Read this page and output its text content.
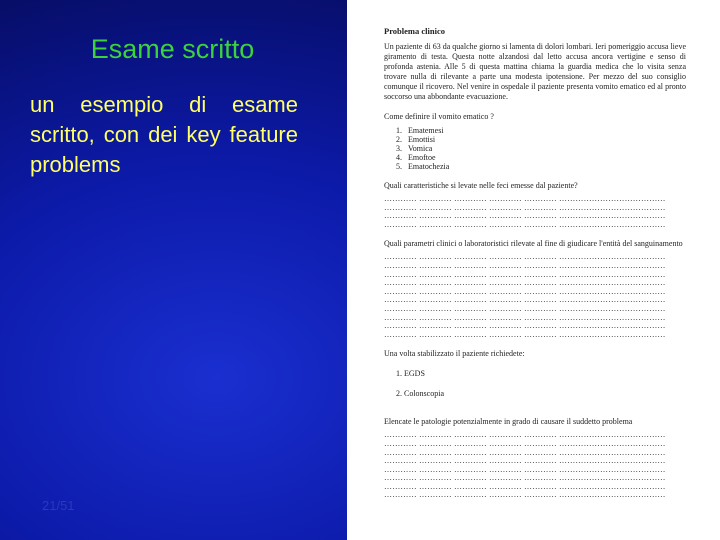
Esame scritto
un esempio di esame scritto, con dei key feature problems
21/51

Problema clinico

Un paziente di 63 da qualche giorno si lamenta di dolori lombari. Ieri pomeriggio accusa lieve giramento di testa. Questa notte alzandosi dal letto accusa ancora vertigine e senso di profonda astenia. Alle 5 di questa mattina chiama la guardia medica che lo visita senza trovare nulla di rilevante a parte una modesta ipotensione. Per mezzo del suo consiglio comunque il ricovero. Nel venire in ospedale il paziente presenta vomito ematico ed al pronto soccorso una abbondante evacuazione.

Come definire il vomito ematico ?

1. Ematemesi
2. Emottisi
3. Vomica
4. Emoftoe
5. Ematochezia

Quali caratteristiche si levate nelle feci emesse dal paziente?

………… ………… ………… ………… ………… …………………………………
………… ………… ………… ………… ………… …………………………………
………… ………… ………… ………… ………… …………………………………
………… ………… ………… ………… ………… …………………………………

Quali parametri clinici o laboratoristici rilevate al fine di giudicare l'entità del sanguinamento

………… ………… ………… ………… ………… …………………………………
………… ………… ………… ………… ………… …………………………………
………… ………… ………… ………… ………… …………………………………
………… ………… ………… ………… ………… …………………………………
………… ………… ………… ………… ………… …………………………………
………… ………… ………… ………… ………… …………………………………
………… ………… ………… ………… ………… …………………………………
………… ………… ………… ………… ………… …………………………………
………… ………… ………… ………… ………… …………………………………
………… ………… ………… ………… ………… …………………………………

Una volta stabilizzato il paziente richiedete:

1. EGDS

2. Colonscopia

Elencate le patologie potenzialmente in grado di causare il suddetto problema

………… ………… ………… ………… ………… …………………………………
………… ………… ………… ………… ………… …………………………………
………… ………… ………… ………… ………… …………………………………
………… ………… ………… ………… ………… …………………………………
………… ………… ………… ………… ………… …………………………………
………… ………… ………… ………… ………… …………………………………
………… ………… ………… ………… ………… …………………………………
………… ………… ………… ………… ………… …………………………………
